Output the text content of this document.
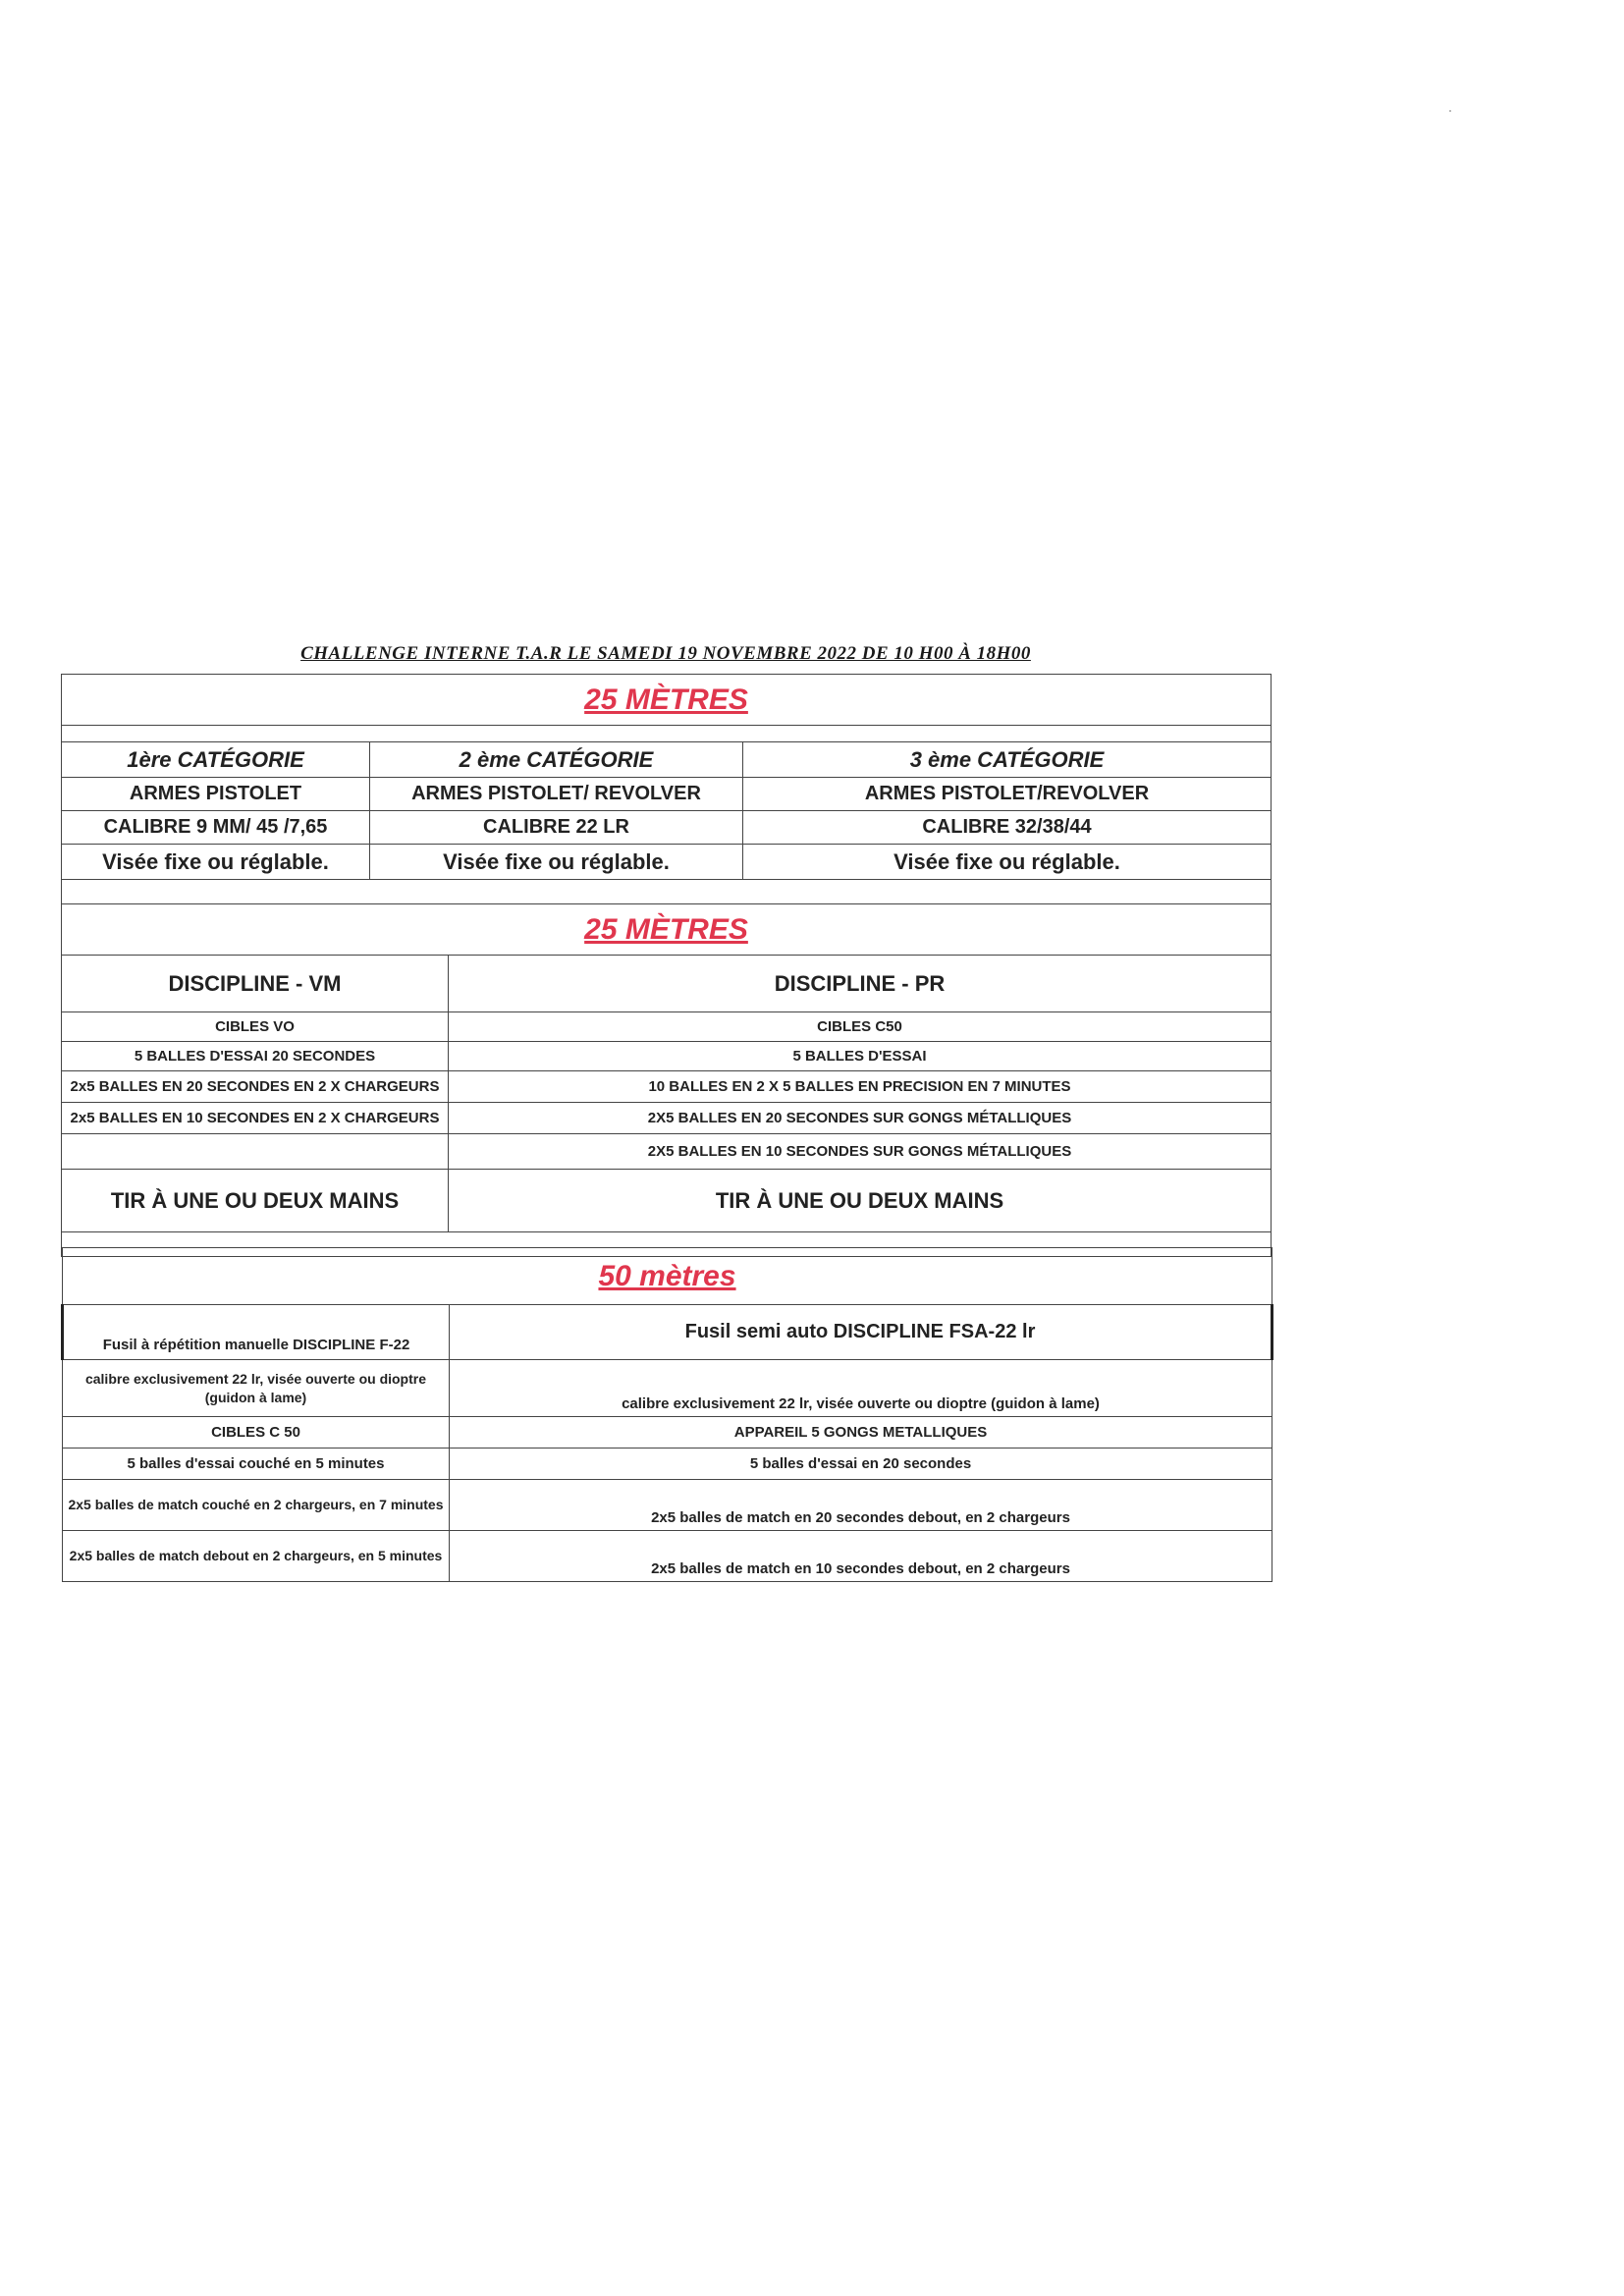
CHALLENGE INTERNE T.A.R LE SAMEDI 19 NOVEMBRE 2022 DE 10 H00 À 18H00
25 MÈTRES		

1ère CATÉGORIE	2 ème CATÉGORIE	3 ème CATÉGORIE
ARMES PISTOLET	ARMES PISTOLET/ REVOLVER	ARMES PISTOLET/REVOLVER
CALIBRE 9 MM/ 45 /7,65	CALIBRE 22 LR	CALIBRE 32/38/44
Visée fixe ou réglable.	Visée fixe ou réglable.	Visée fixe ou réglable.

25 MÈTRES	
DISCIPLINE - VM	DISCIPLINE - PR
CIBLES VO	CIBLES C50
5 BALLES D'ESSAI 20 SECONDES	5 BALLES D'ESSAI
2x5 BALLES EN 20 SECONDES EN 2 X CHARGEURS	10 BALLES EN 2 X 5 BALLES EN PRECISION EN 7 MINUTES
2x5 BALLES EN 10 SECONDES EN 2 X CHARGEURS	2X5 BALLES EN 20 SECONDES SUR GONGS MÉTALLIQUES
	2X5 BALLES EN 10 SECONDES SUR GONGS MÉTALLIQUES
TIR À UNE OU DEUX MAINS	TIR À UNE OU DEUX MAINS

50 mètres	
Fusil à répétition manuelle DISCIPLINE F-22	Fusil semi auto DISCIPLINE FSA-22 lr
calibre exclusivement 22 lr, visée ouverte ou dioptre (guidon à lame)	calibre exclusivement 22 lr, visée ouverte ou dioptre (guidon à lame)
CIBLES C 50	APPAREIL 5 GONGS METALLIQUES
5 balles d'essai couché en 5 minutes	5 balles d'essai en 20 secondes
2x5 balles de match couché en 2 chargeurs, en 7 minutes	2x5 balles de match en 20 secondes debout, en 2 chargeurs
2x5 balles de match debout en 2 chargeurs, en 5 minutes	2x5 balles de match en 10 secondes debout, en 2 chargeurs
